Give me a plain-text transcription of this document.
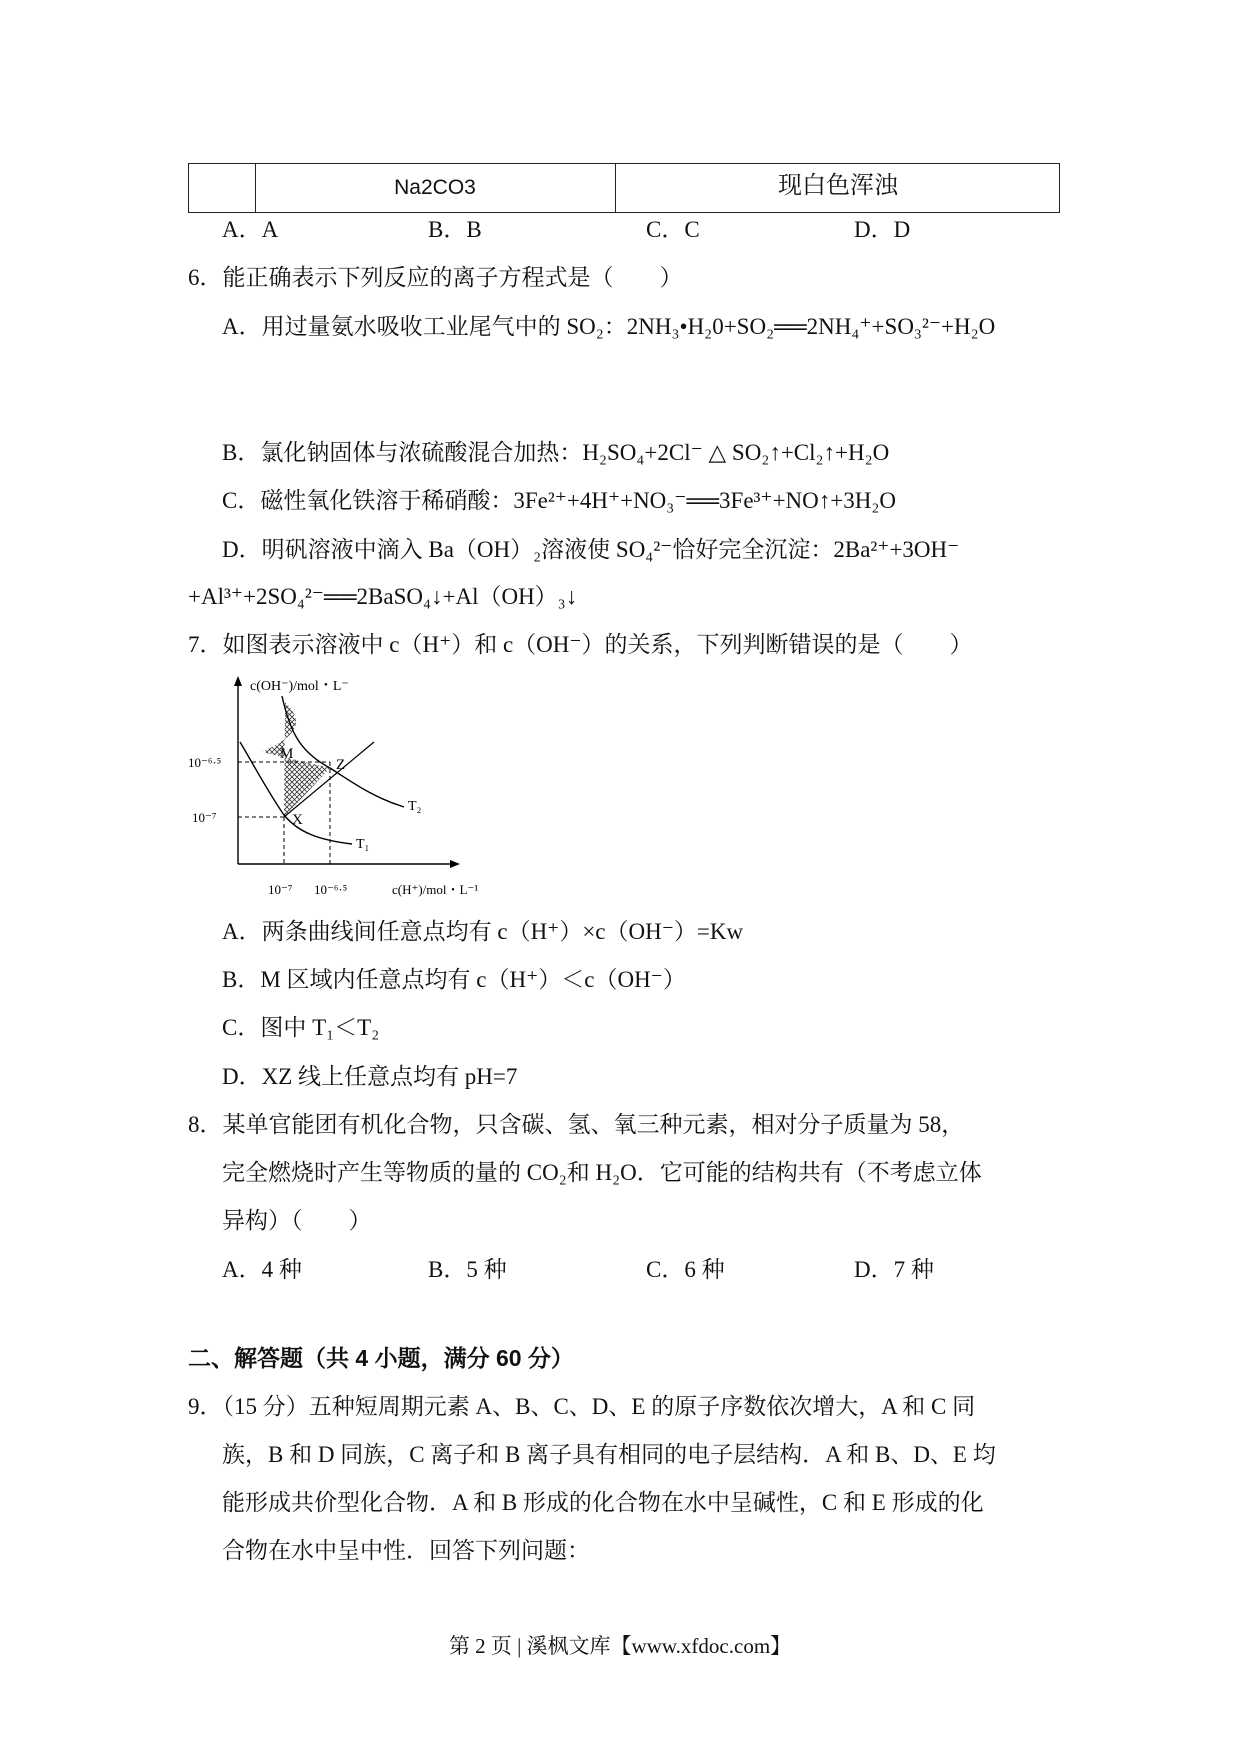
Na2CO3	现白色浑浊
A．A	B．B	C．C	D．D
6．能正确表示下列反应的离子方程式是（　　）
A．用过量氨水吸收工业尾气中的 SO₂：2NH₃•H₂0+SO₂══2NH₄⁺+SO₃²⁻+H₂O
B．氯化钠固体与浓硫酸混合加热：H₂SO₄+2Cl⁻ △ SO₂↑+Cl₂↑+H₂O
C．磁性氧化铁溶于稀硝酸：3Fe²⁺+4H⁺+NO₃⁻══3Fe³⁺+NO↑+3H₂O
D．明矾溶液中滴入 Ba（OH）₂溶液使 SO₄²⁻恰好完全沉淀：2Ba²⁺+3OH⁻
+Al³⁺+2SO₄²⁻══2BaSO₄↓+Al（OH）₃↓
7．如图表示溶液中 c（H⁺）和 c（OH⁻）的关系，下列判断错误的是（　　）
c(OH⁻)/mol・L⁻
10⁻⁶·⁵
10⁻⁷
10⁻⁷ 10⁻⁶·⁵	c(H⁺)/mol・L⁻¹
M
Z
X
T₂
T₁
A．两条曲线间任意点均有 c（H⁺）×c（OH⁻）=Kw
B．M 区域内任意点均有 c（H⁺）＜c（OH⁻）
C．图中 T₁＜T₂
D．XZ 线上任意点均有 pH=7
8．某单官能团有机化合物，只含碳、氢、氧三种元素，相对分子质量为 58，
完全燃烧时产生等物质的量的 CO₂和 H₂O．它可能的结构共有（不考虑立体
异构）（　　）
A．4 种	B．5 种	C．6 种	D．7 种
二、解答题（共 4 小题，满分 60 分）
9．（15 分）五种短周期元素 A、B、C、D、E 的原子序数依次增大，A 和 C 同
族，B 和 D 同族，C 离子和 B 离子具有相同的电子层结构．A 和 B、D、E 均
能形成共价型化合物．A 和 B 形成的化合物在水中呈碱性，C 和 E 形成的化
合物在水中呈中性．回答下列问题：
第 2 页 | 溪枫文库【www.xfdoc.com】
